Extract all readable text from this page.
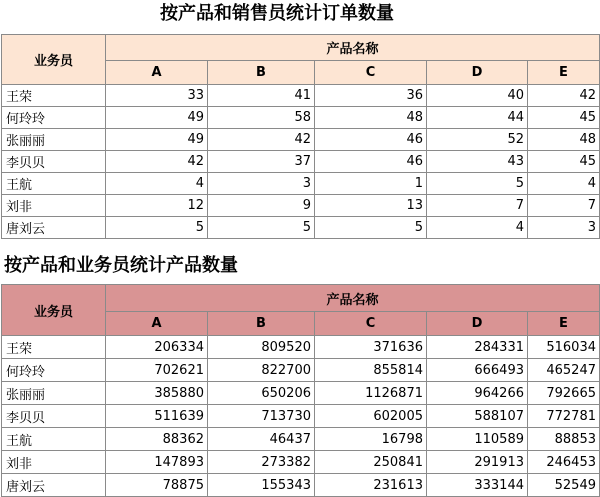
按产品和销售员统计订单数量
业务员	产品名称				
	A	B	C	D	E
王荣	33	41	36	40	42
何玲玲	49	58	48	44	45
张丽丽	49	42	46	52	48
李贝贝	42	37	46	43	45
王航	4	3	1	5	4
刘非	12	9	13	7	7
唐刘云	5	5	5	4	3
按产品和业务员统计产品数量
业务员	产品名称				
	A	B	C	D	E
王荣	206334	809520	371636	284331	516034
何玲玲	702621	822700	855814	666493	465247
张丽丽	385880	650206	1126871	964266	792665
李贝贝	511639	713730	602005	588107	772781
王航	88362	46437	16798	110589	88853
刘非	147893	273382	250841	291913	246453
唐刘云	78875	155343	231613	333144	52549
